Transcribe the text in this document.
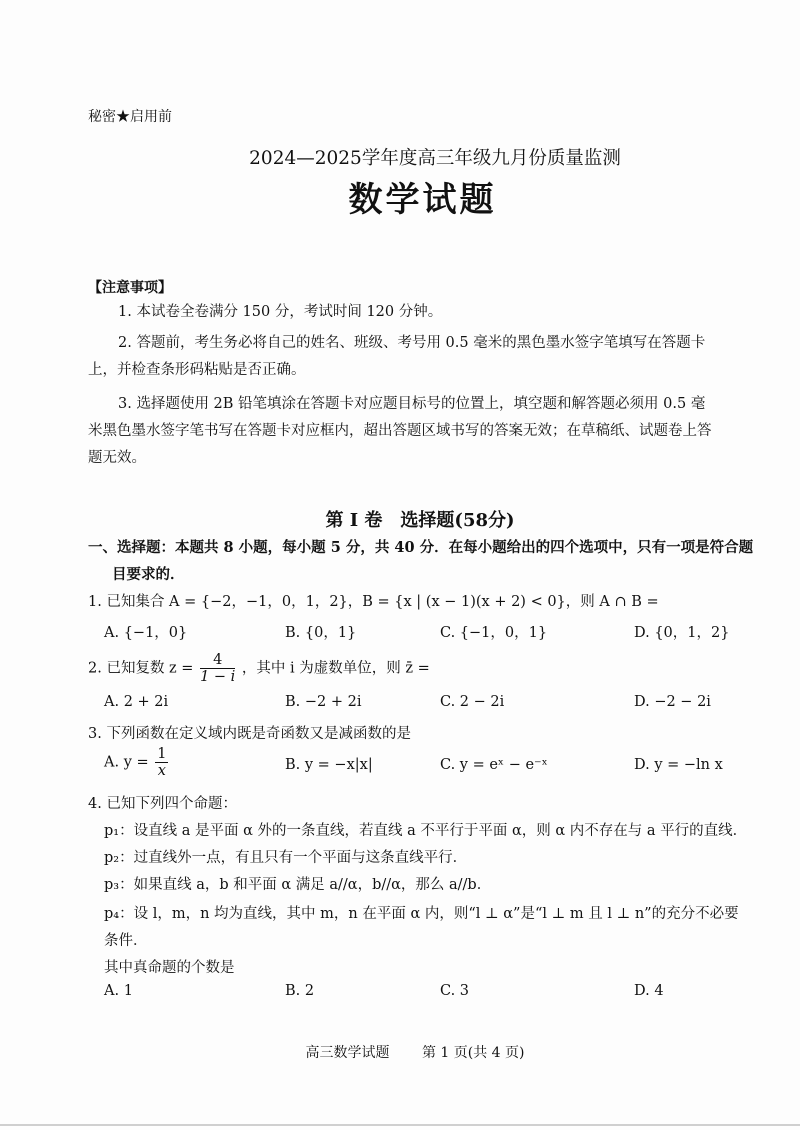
秘密★启用前
2024—2025学年度高三年级九月份质量监测
数学试题
【注意事项】
1. 本试卷全卷满分 150 分，考试时间 120 分钟。
2. 答题前，考生务必将自己的姓名、班级、考号用 0.5 毫米的黑色墨水签字笔填写在答题卡
上，并检查条形码粘贴是否正确。
3. 选择题使用 2B 铅笔填涂在答题卡对应题目标号的位置上，填空题和解答题必须用 0.5 毫
米黑色墨水签字笔书写在答题卡对应框内，超出答题区域书写的答案无效；在草稿纸、试题卷上答
题无效。
第 Ⅰ 卷　选择题(58分)
一、选择题：本题共 8 小题，每小题 5 分，共 40 分．在每小题给出的四个选项中，只有一项是符合题
目要求的．
1. 已知集合 A = {−2，−1，0，1，2}，B = {x | (x − 1)(x + 2) < 0}，则 A ∩ B =
A. {−1，0}	B. {0，1}	C. {−1，0，1}	D. {0，1，2}
2. 已知复数 $z = \frac{4}{1 - i}$ ，其中 i 为虚数单位，则 z̄ =
A. 2 + 2i	B. −2 + 2i	C. 2 − 2i	D. −2 − 2i
3. 下列函数在定义域内既是奇函数又是减函数的是
A. $y = \frac{1}{x}$	B. y = −x|x|	C. y = eˣ − e⁻ˣ	D. y = −ln x
4. 已知下列四个命题：
p₁：设直线 a 是平面 α 外的一条直线，若直线 a 不平行于平面 α，则 α 内不存在与 a 平行的直线．
p₂：过直线外一点，有且只有一个平面与这条直线平行．
p₃：如果直线 a，b 和平面 α 满足 a//α，b//α，那么 a//b．
p₄：设 l，m，n 均为直线，其中 m，n 在平面 α 内，则“l ⊥ α”是“l ⊥ m 且 l ⊥ n”的充分不必要
条件．
其中真命题的个数是
A. 1	B. 2	C. 3	D. 4
高三数学试题 第 1 页(共 4 页)
